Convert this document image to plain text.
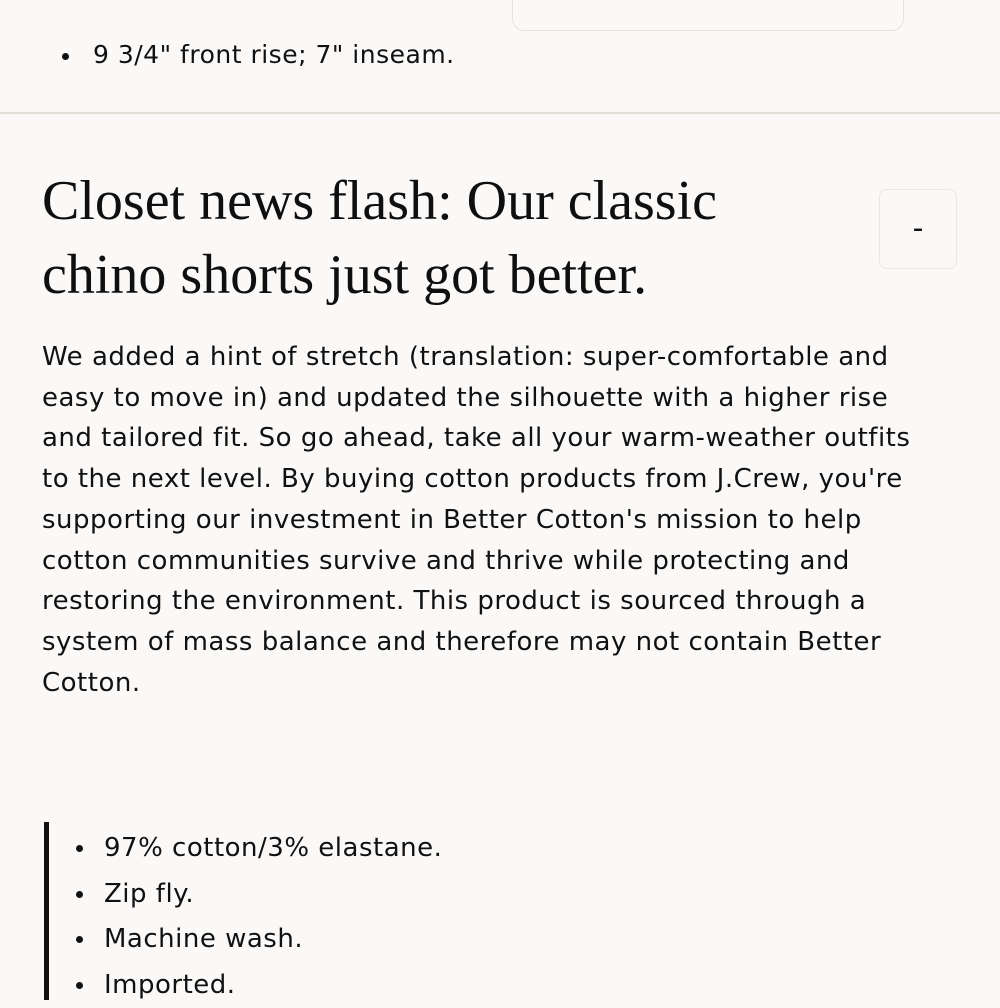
9 3/4" front rise; 7" inseam.
Closet news flash: Our classic chino shorts just got better.
-

We added a hint of stretch (translation: super-comfortable and easy to move in) and updated the silhouette with a higher rise and tailored fit. So go ahead, take all your warm-weather outfits to the next level. By buying cotton products from J.Crew, you're supporting our investment in Better Cotton's mission to help cotton communities survive and thrive while protecting and restoring the environment. This product is sourced through a system of mass balance and therefore may not contain Better Cotton.

97% cotton/3% elastane.
Zip fly.
Machine wash.
Imported.
